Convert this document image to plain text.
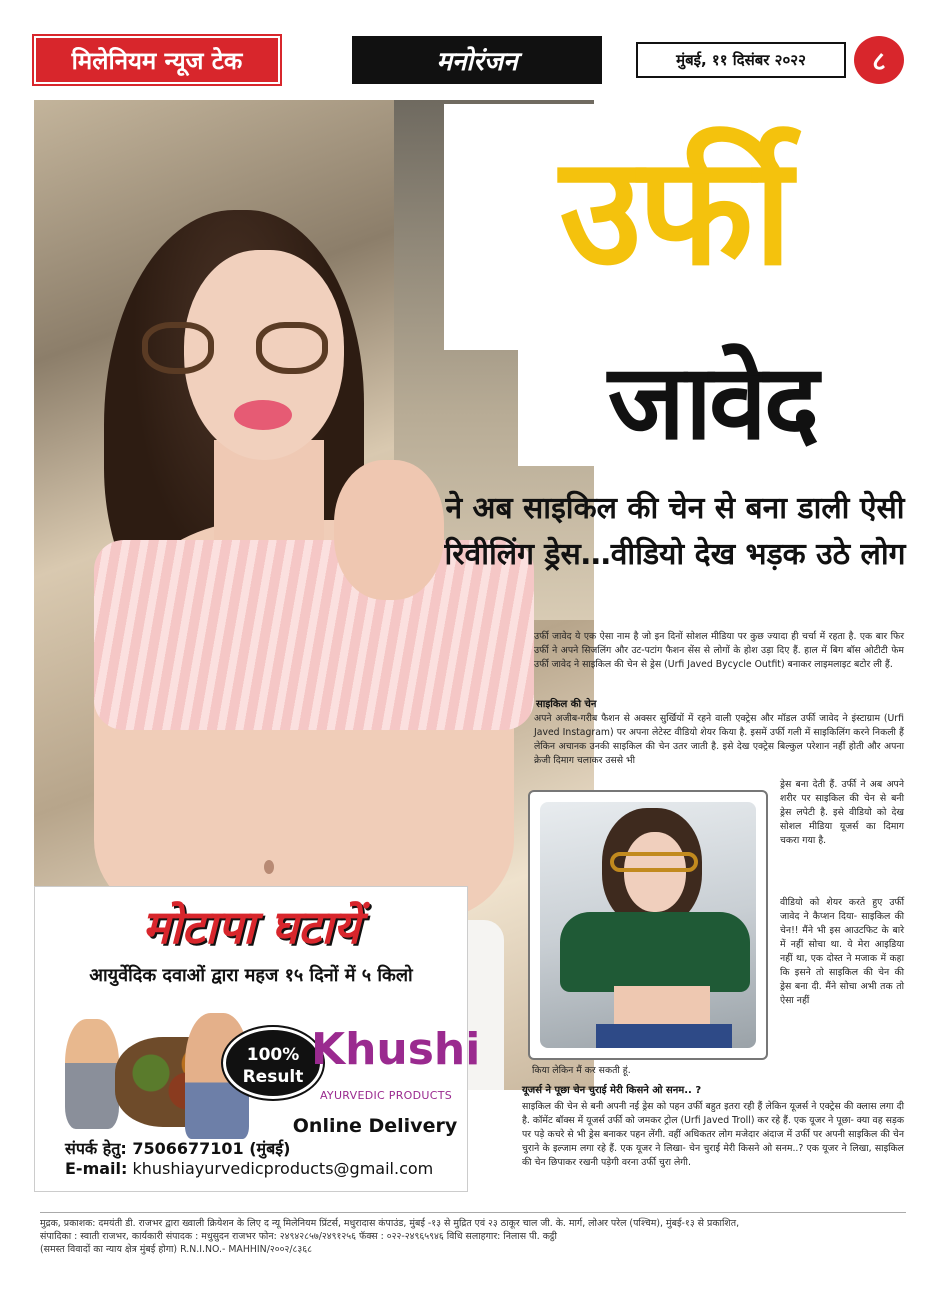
मिलेनियम न्यूज टेक	मनोरंजन	मुंबई, ११ दिसंबर २०२२	८
उर्फी
जावेद
ने अब साइकिल की चेन से बना डाली ऐसी रिवीलिंग ड्रेस…वीडियो देख भड़क उठे लोग

उर्फी जावेद ये एक ऐसा नाम है जो इन दिनों सोशल मीडिया पर कुछ ज्यादा ही चर्चा में रहता है. एक बार फिर उर्फी ने अपने सिजलिंग और उट-पटांग फैशन सेंस से लोगों के होश उड़ा दिए हैं. हाल में बिग बॉस ओटीटी फेम उर्फी जावेद ने साइकिल की चेन से ड्रेस (Urfi Javed Bycycle Outfit) बनाकर लाइमलाइट बटोर ली हैं.

साइकिल की चेन

अपने अजीब-गरीब फैशन से अक्सर सुर्खियों में रहने वाली एक्ट्रेस और मॉडल उर्फी जावेद ने इंस्टाग्राम (Urfi Javed Instagram) पर अपना लेटेस्ट वीडियो शेयर किया है. इसमें उर्फी गली में साइकिलिंग करने निकली हैं लेकिन अचानक उनकी साइकिल की चेन उतर जाती है. इसे देख एक्ट्रेस बिल्कुल परेशान नहीं होती और अपना क्रेजी दिमाग चलाकर उससे भी

ड्रेस बना देती हैं. उर्फी ने अब अपने शरीर पर साइकिल की चेन से बनी ड्रेस लपेटी है. इसे वीडियो को देख सोशल मीडिया यूजर्स का दिमाग चकरा गया है.

वीडियो को शेयर करते हुए उर्फी जावेद ने कैप्शन दिया- साइकिल की चेन!! मैंने भी इस आउटफिट के बारे में नहीं सोचा था. ये मेरा आइडिया नहीं था, एक दोस्त ने मजाक में कहा कि इसने तो साइकिल की चेन की ड्रेस बना दी. मैंने सोचा अभी तक तो ऐसा नहीं

किया लेकिन मैं कर सकती हूं.

यूजर्स ने पूछा चेन चुराई मेरी किसने ओ सनम.. ?

साइकिल की चेन से बनी अपनी नई ड्रेस को पहन उर्फी बहुत इतरा रही हैं लेकिन यूजर्स ने एक्ट्रेस की क्लास लगा दी है. कॉमेंट बॉक्स में यूजर्स उर्फी को जमकर ट्रोल (Urfi Javed Troll) कर रहे हैं. एक यूजर ने पूछा- क्या वह सड़क पर पड़े कचरे से भी ड्रेस बनाकर पहन लेंगी. वहीं अधिकतर लोग मजेदार अंदाज में उर्फी पर अपनी साइकिल की चेन चुराने के इल्जाम लगा रहे हैं. एक यूजर ने लिखा- चेन चुराई मेरी किसने ओ सनम..? एक यूजर ने लिखा, साइकिल की चेन छिपाकर रखनी पड़ेगी वरना उर्फी चुरा लेगी.

मोटापा घटायें
आयुर्वेदिक दवाओं द्वारा महज १५ दिनों में ५ किलो
100%
Result
Khushi
AYURVEDIC PRODUCTS
Online Delivery
संपर्क हेतु: 7506677101 (मुंबई)
E-mail: khushiayurvedicproducts@gmail.com
मुद्रक, प्रकाशक: दमयंती डी. राजभर द्वारा ख्वाली क्रियेशन के लिए द न्यू मिलेनियम प्रिंटर्स, मधुरादास कंपाउंड, मुंबई -१३ से मुद्रित एवं २३ ठाकूर चाल जी. के. मार्ग, लोअर परेल (पश्चिम), मुंबई-१३ से प्रकाशित,
संपादिका : स्वाती राजभर, कार्यकारी संपादक : मधुसुदन राजभर फोन: २४९४२८५७/२४९१२५६ फॅक्स : ०२२-२४९६५९४६ विधि सलाहगार: निलास पी. कट्ठी
(समस्त विवादों का न्याय क्षेत्र मुंबई होगा) R.N.I.NO.- MAHHIN/२००२/८३६८
